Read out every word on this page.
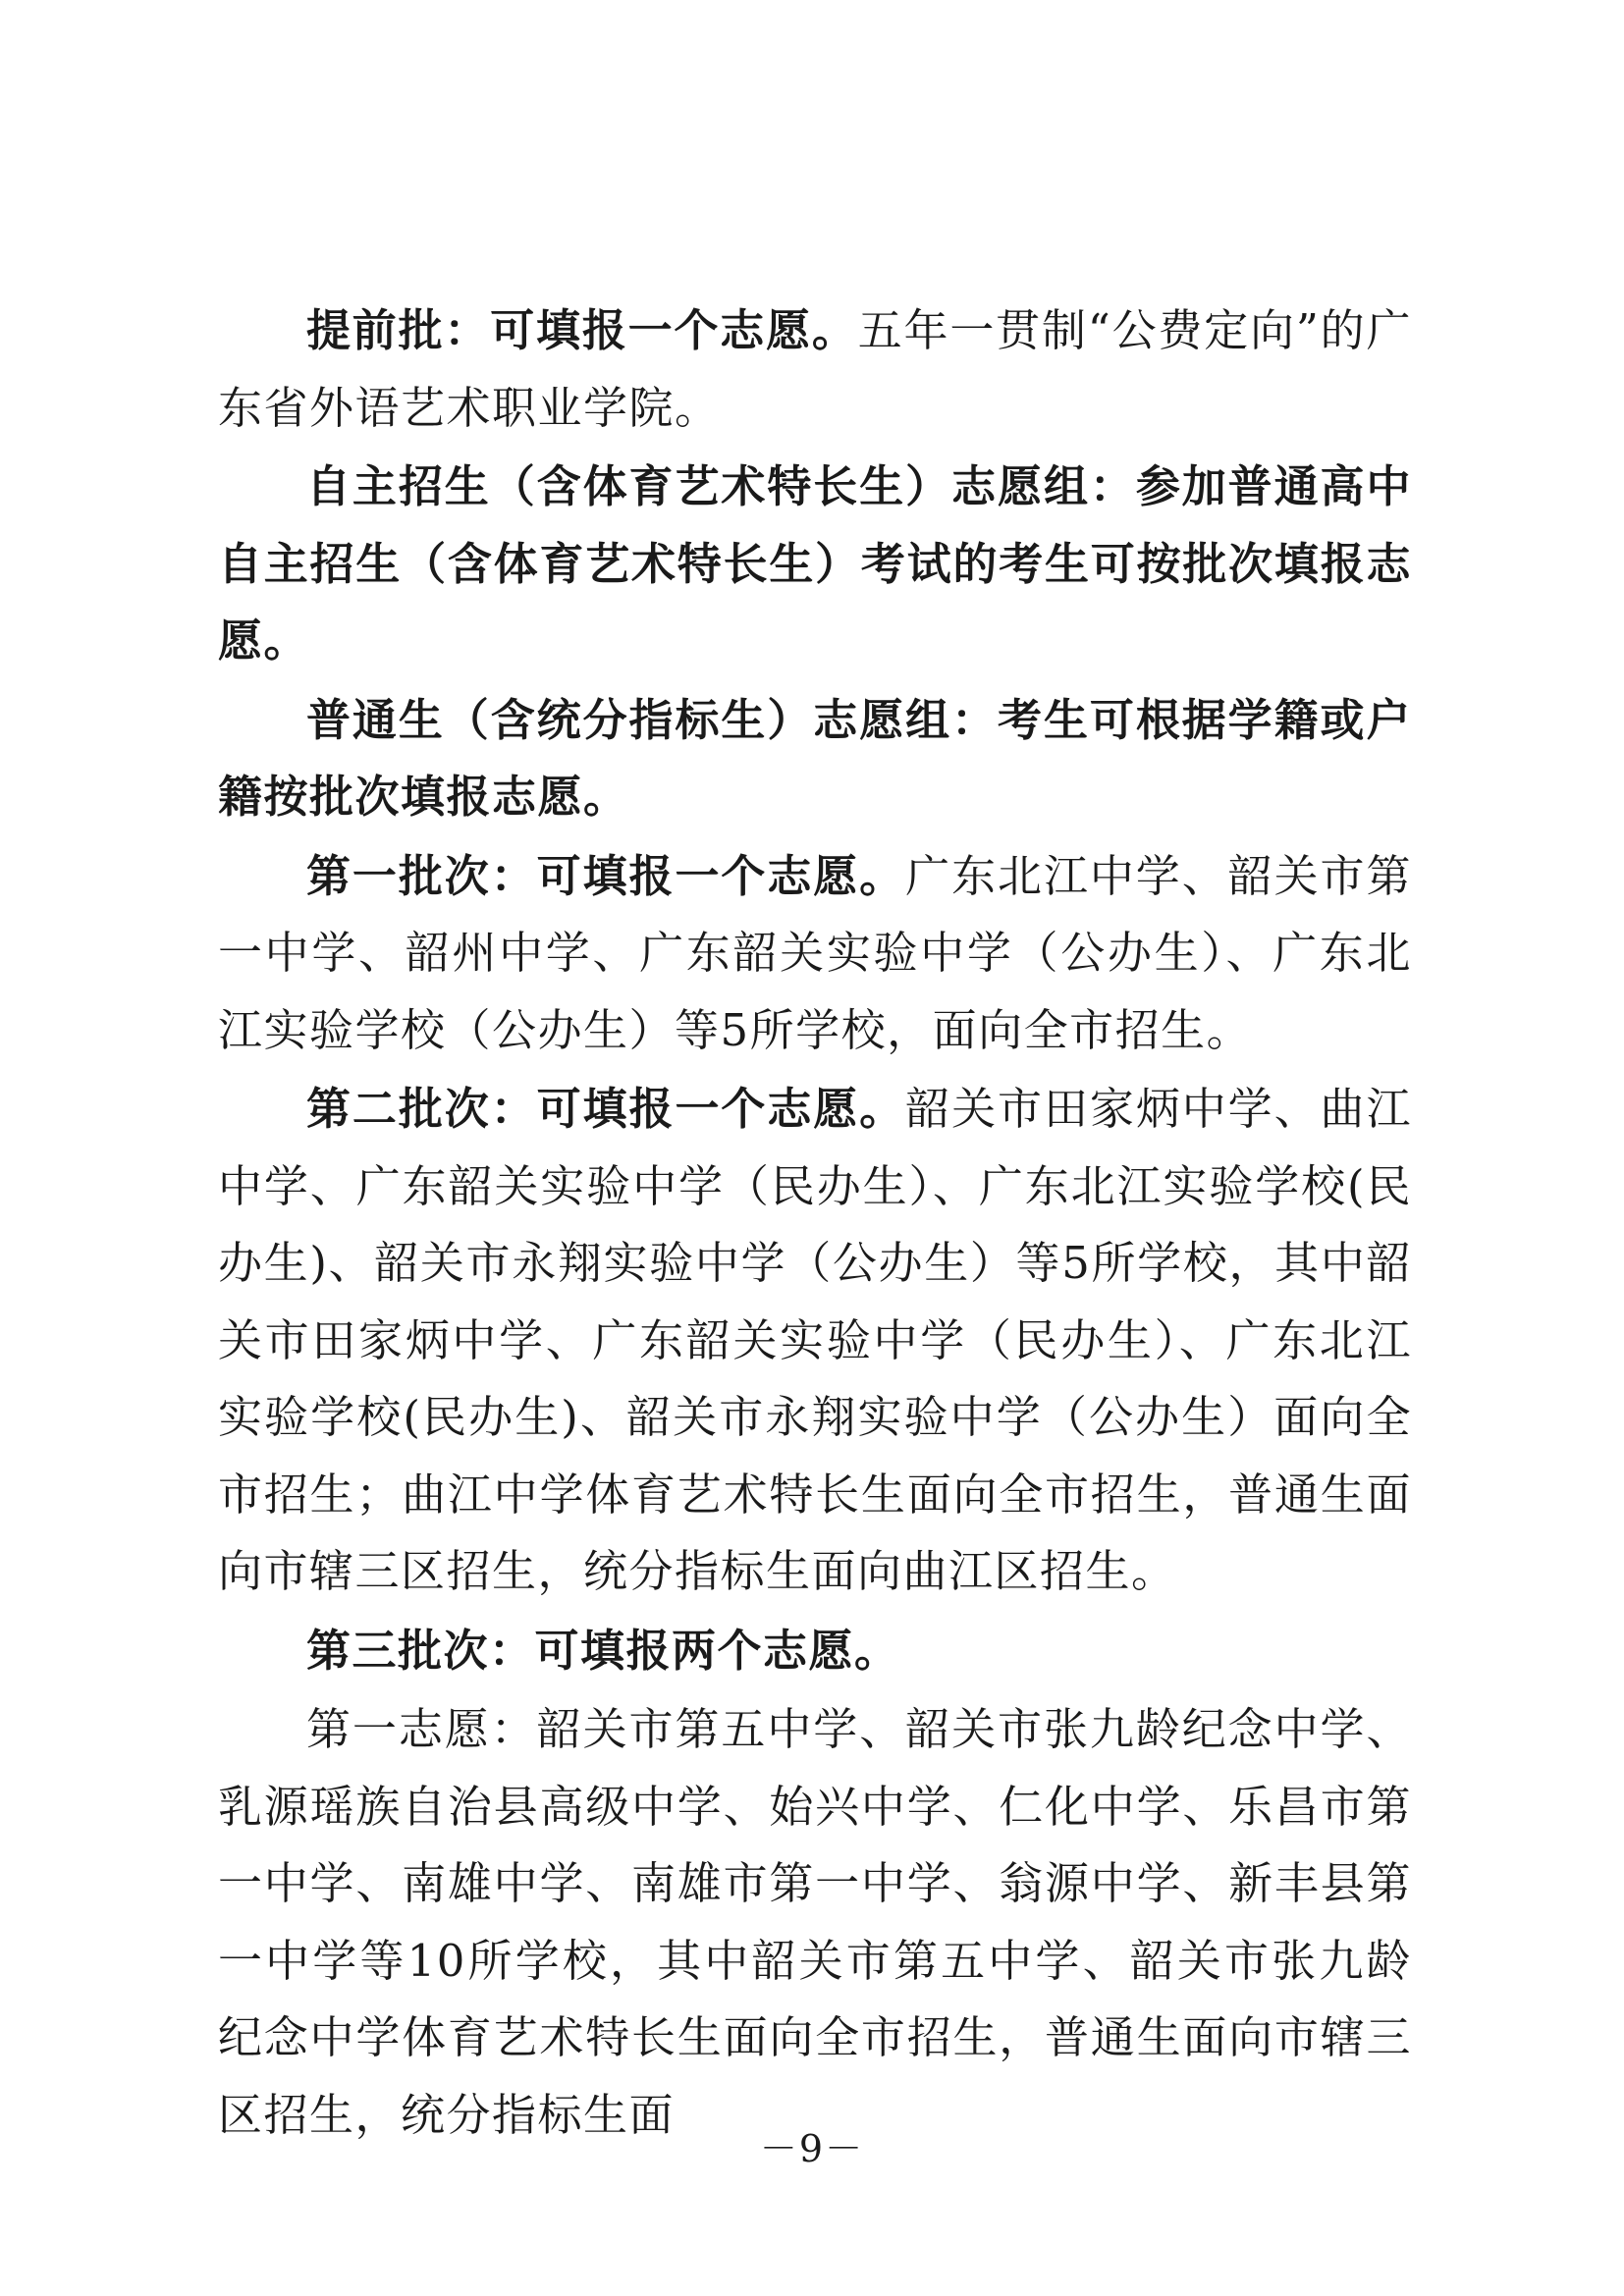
提前批：可填报一个志愿。五年一贯制“公费定向”的广东省外语艺术职业学院。

自主招生（含体育艺术特长生）志愿组：参加普通高中自主招生（含体育艺术特长生）考试的考生可按批次填报志愿。

普通生（含统分指标生）志愿组：考生可根据学籍或户籍按批次填报志愿。

第一批次：可填报一个志愿。广东北江中学、韶关市第一中学、韶州中学、广东韶关实验中学（公办生）、广东北江实验学校（公办生）等5所学校，面向全市招生。

第二批次：可填报一个志愿。韶关市田家炳中学、曲江中学、广东韶关实验中学（民办生）、广东北江实验学校(民办生)、韶关市永翔实验中学（公办生）等5所学校，其中韶关市田家炳中学、广东韶关实验中学（民办生）、广东北江实验学校(民办生)、韶关市永翔实验中学（公办生）面向全市招生；曲江中学体育艺术特长生面向全市招生，普通生面向市辖三区招生，统分指标生面向曲江区招生。

第三批次：可填报两个志愿。

第一志愿：韶关市第五中学、韶关市张九龄纪念中学、乳源瑶族自治县高级中学、始兴中学、仁化中学、乐昌市第一中学、南雄中学、南雄市第一中学、翁源中学、新丰县第一中学等10所学校，其中韶关市第五中学、韶关市张九龄纪念中学体育艺术特长生面向全市招生，普通生面向市辖三区招生，统分指标生面

－9－
